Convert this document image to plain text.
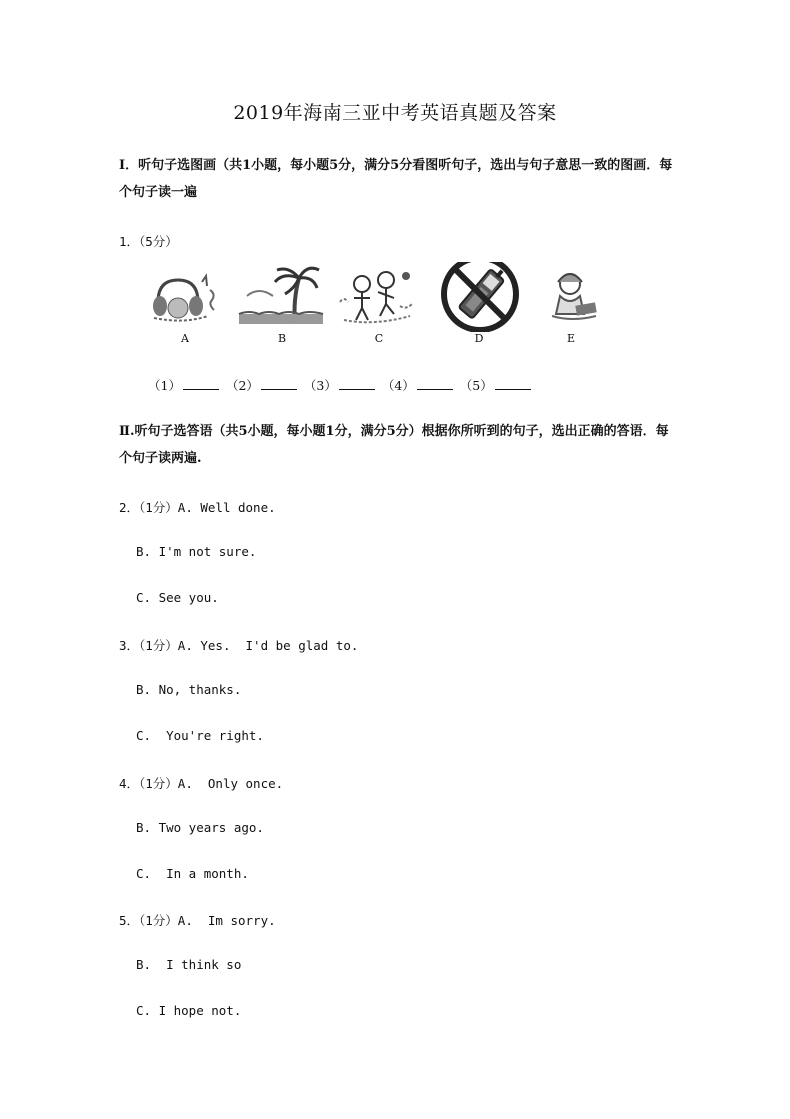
2019年海南三亚中考英语真题及答案
I．听句子选图画（共1小题，每小题5分，满分5分看图听句子，选出与句子意思一致的图画．每个句子读一遍
1．（5分）
A	B	C	D	E
（1）	（2）	（3）	（4）	（5）
Ⅱ.听句子选答语（共5小题，每小题1分，满分5分）根据你所听到的句子，选出正确的答语．每个句子读两遍.
2．（1分）A. Well done.
B. I'm not sure.
C. See you.
3．（1分）A. Yes.  I'd be glad to.
B. No, thanks.
C.  You're right.
4．（1分）A.  Only once.
B. Two years ago.
C.  In a month.
5．（1分）A.  Im sorry.
B.  I think so
C. I hope not.
